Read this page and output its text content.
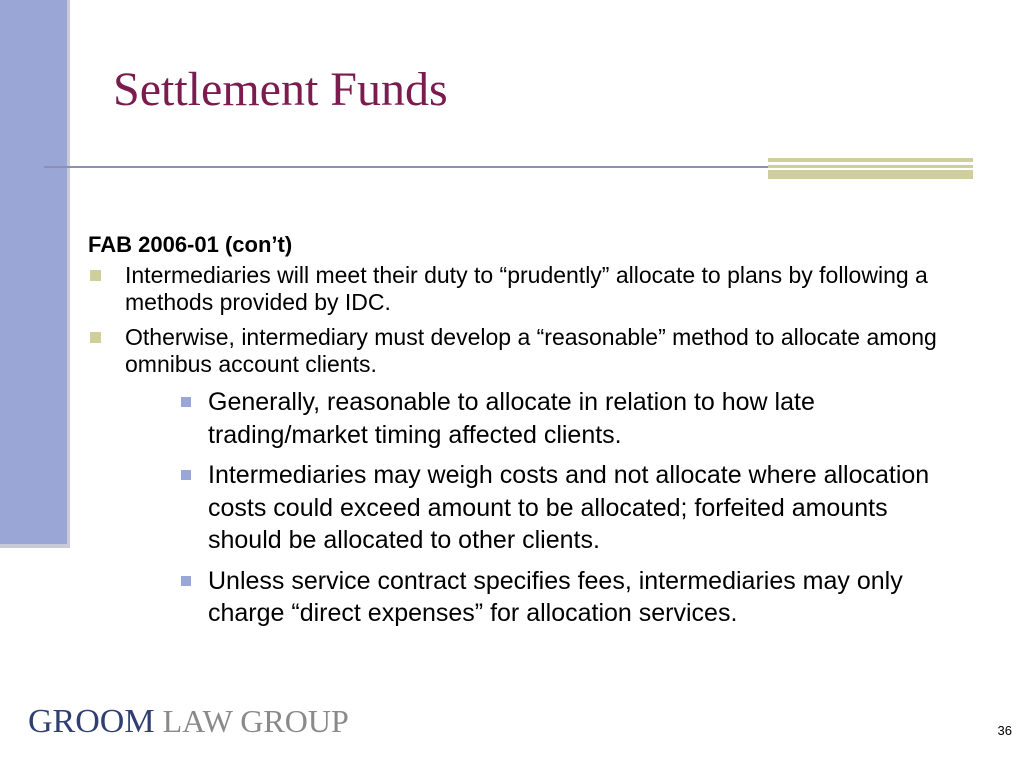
Settlement Funds
FAB 2006-01 (con’t)
Intermediaries will meet their duty to “prudently” allocate to plans by following a methods provided by IDC.
Otherwise, intermediary must develop a “reasonable” method to allocate among omnibus account clients.
Generally, reasonable to allocate in relation to how late trading/market timing affected clients.
Intermediaries may weigh costs and not allocate where allocation costs could exceed amount to be allocated; forfeited amounts should be allocated to other clients.
Unless service contract specifies fees, intermediaries may only charge “direct expenses” for allocation services.
GROOM LAW GROUP	36
